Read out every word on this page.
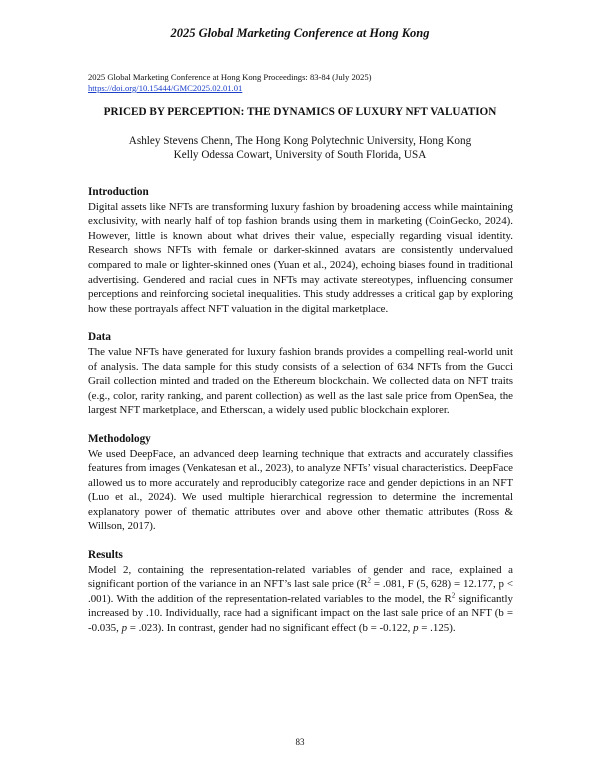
2025 Global Marketing Conference at Hong Kong
2025 Global Marketing Conference at Hong Kong Proceedings: 83-84 (July 2025)
https://doi.org/10.15444/GMC2025.02.01.01
PRICED BY PERCEPTION: THE DYNAMICS OF LUXURY NFT VALUATION
Ashley Stevens Chenn, The Hong Kong Polytechnic University, Hong Kong
Kelly Odessa Cowart, University of South Florida, USA
Introduction

Digital assets like NFTs are transforming luxury fashion by broadening access while maintaining exclusivity, with nearly half of top fashion brands using them in marketing (CoinGecko, 2024). However, little is known about what drives their value, especially regarding visual identity. Research shows NFTs with female or darker-skinned avatars are consistently undervalued compared to male or lighter-skinned ones (Yuan et al., 2024), echoing biases found in traditional advertising. Gendered and racial cues in NFTs may activate stereotypes, influencing consumer perceptions and reinforcing societal inequalities. This study addresses a critical gap by exploring how these portrayals affect NFT valuation in the digital marketplace.

Data

The value NFTs have generated for luxury fashion brands provides a compelling real-world unit of analysis. The data sample for this study consists of a selection of 634 NFTs from the Gucci Grail collection minted and traded on the Ethereum blockchain. We collected data on NFT traits (e.g., color, rarity ranking, and parent collection) as well as the last sale price from OpenSea, the largest NFT marketplace, and Etherscan, a widely used public blockchain explorer.

Methodology

We used DeepFace, an advanced deep learning technique that extracts and accurately classifies features from images (Venkatesan et al., 2023), to analyze NFTs’ visual characteristics. DeepFace allowed us to more accurately and reproducibly categorize race and gender depictions in an NFT (Luo et al., 2024). We used multiple hierarchical regression to determine the incremental explanatory power of thematic attributes over and above other thematic attributes (Ross & Willson, 2017).

Results

Model 2, containing the representation-related variables of gender and race, explained a significant portion of the variance in an NFT’s last sale price ($R^2 = .081$, F (5, 628) = 12.177, p < .001). With the addition of the representation-related variables to the model, the $R^2$ significantly increased by .10. Individually, race had a significant impact on the last sale price of an NFT (b = -0.035, p = .023). In contrast, gender had no significant effect (b = -0.122, p = .125).

83
